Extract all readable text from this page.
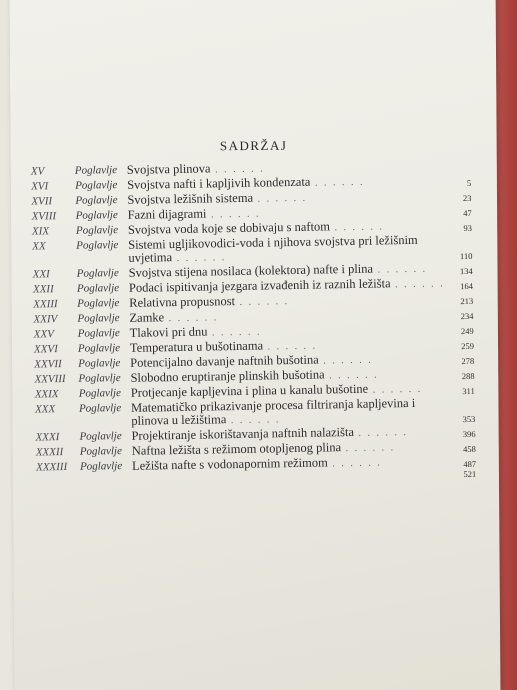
SADRŽAJ
XV	Poglavlje Svojstva plinova . . . . . .
XVI	Poglavlje Svojstva nafti i kapljivih kondenzata . . . . . .	5
XVII	Poglavlje Svojstva ležišnih sistema . . . . . .	23
XVIII	Poglavlje Fazni dijagrami . . . . . .	47
XIX	Poglavlje Svojstva voda koje se dobivaju s naftom . . . . . .	93
XX	Poglavlje Sistemi ugljikovodici-voda i njihova svojstva pri ležišnim uvjetima . . . . . .	110
XXI	Poglavlje Svojstva stijena nosilaca (kolektora) nafte i plina . . . . . .	134
XXII	Poglavlje Podaci ispitivanja jezgara izvađenih iz raznih ležišta . . . . . .	164
XXIII	Poglavlje Relativna propusnost . . . . . .	213
XXIV	Poglavlje Zamke . . . . . .	234
XXV	Poglavlje Tlakovi pri dnu . . . . . .	249
XXVI	Poglavlje Temperatura u bušotinama . . . . . .	259
XXVII	Poglavlje Potencijalno davanje naftnih bušotina . . . . . .	278
XXVIII	Poglavlje Slobodno eruptiranje plinskih bušotina . . . . . .	288
XXIX	Poglavlje Protjecanje kapljevina i plina u kanalu bušotine . . . . . .	311
XXX	Poglavlje Matematičko prikazivanje procesa filtriranja kapljevina i plinova u ležištima . . . . . .	353
XXXI	Poglavlje Projektiranje iskorištavanja naftnih nalazišta . . . . . .	396
XXXII	Poglavlje Naftna ležišta s režimom otopljenog plina . . . . . .	458
XXXIII	Poglavlje Ležišta nafte s vodonapornim režimom . . . . . .	487
521
